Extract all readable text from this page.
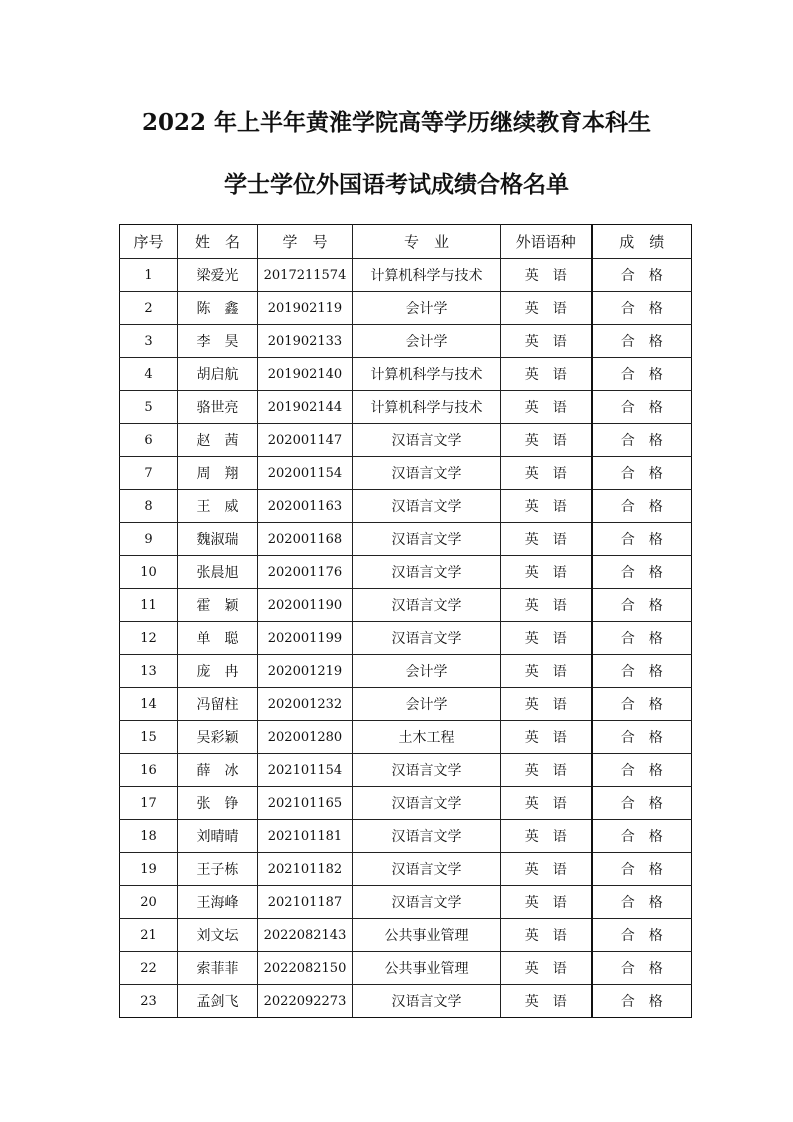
2022 年上半年黄淮学院高等学历继续教育本科生
学士学位外国语考试成绩合格名单
序号	姓　名	学　号	专　业	外语语种	成　绩
1	梁爱光	2017211574	计算机科学与技术	英　语	合　格
2	陈　鑫	201902119	会计学	英　语	合　格
3	李　昊	201902133	会计学	英　语	合　格
4	胡启航	201902140	计算机科学与技术	英　语	合　格
5	骆世亮	201902144	计算机科学与技术	英　语	合　格
6	赵　茜	202001147	汉语言文学	英　语	合　格
7	周　翔	202001154	汉语言文学	英　语	合　格
8	王　威	202001163	汉语言文学	英　语	合　格
9	魏淑瑞	202001168	汉语言文学	英　语	合　格
10	张晨旭	202001176	汉语言文学	英　语	合　格
11	霍　颖	202001190	汉语言文学	英　语	合　格
12	单　聪	202001199	汉语言文学	英　语	合　格
13	庞　冉	202001219	会计学	英　语	合　格
14	冯留柱	202001232	会计学	英　语	合　格
15	吴彩颖	202001280	土木工程	英　语	合　格
16	薛　冰	202101154	汉语言文学	英　语	合　格
17	张　铮	202101165	汉语言文学	英　语	合　格
18	刘晴晴	202101181	汉语言文学	英　语	合　格
19	王子栋	202101182	汉语言文学	英　语	合　格
20	王海峰	202101187	汉语言文学	英　语	合　格
21	刘文坛	2022082143	公共事业管理	英　语	合　格
22	索菲菲	2022082150	公共事业管理	英　语	合　格
23	孟剑飞	2022092273	汉语言文学	英　语	合　格
